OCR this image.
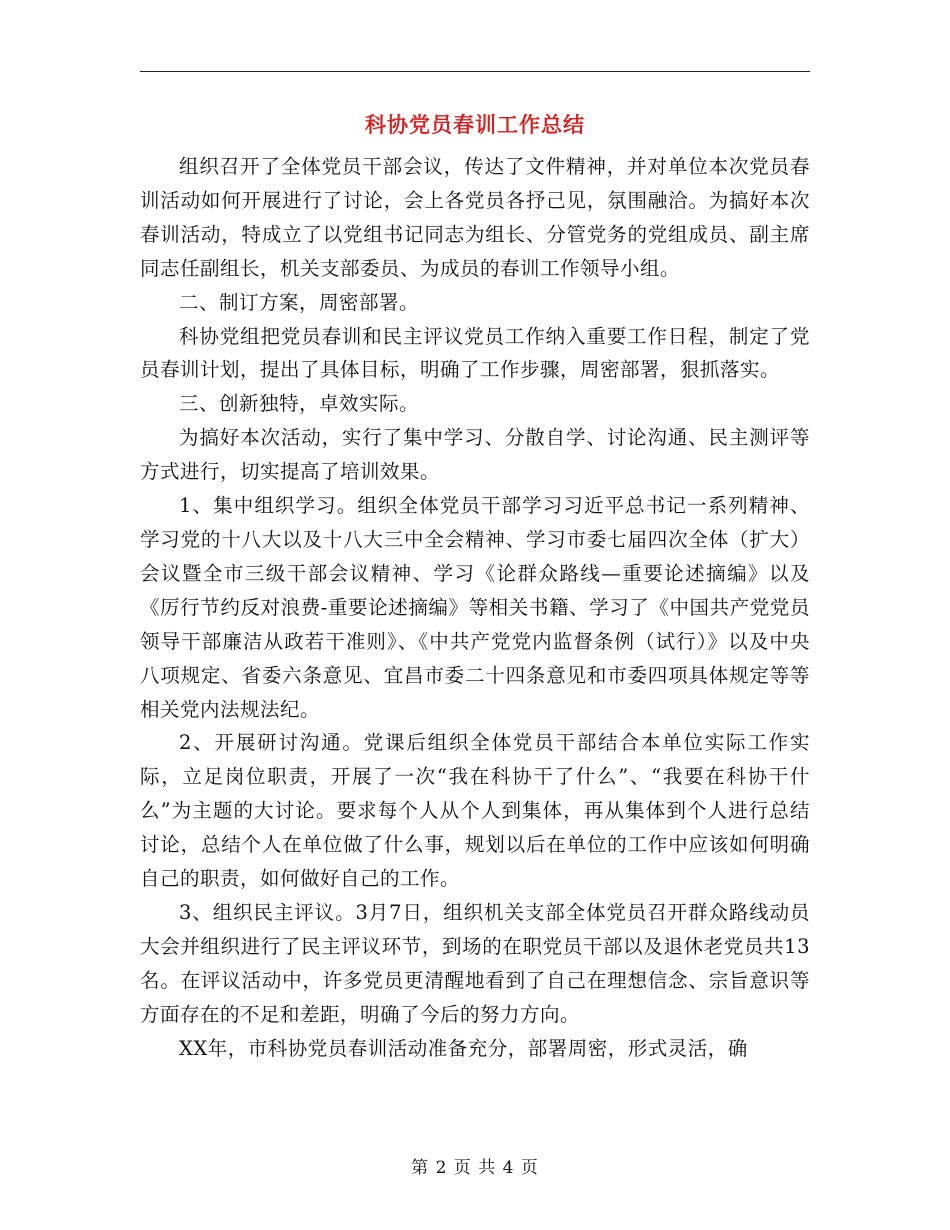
科协党员春训工作总结

组织召开了全体党员干部会议，传达了文件精神，并对单位本次党员春训活动如何开展进行了讨论，会上各党员各抒己见，氛围融洽。为搞好本次春训活动，特成立了以党组书记同志为组长、分管党务的党组成员、副主席同志任副组长，机关支部委员、为成员的春训工作领导小组。

二、制订方案，周密部署。

科协党组把党员春训和民主评议党员工作纳入重要工作日程，制定了党员春训计划，提出了具体目标，明确了工作步骤，周密部署，狠抓落实。

三、创新独特，卓效实际。

为搞好本次活动，实行了集中学习、分散自学、讨论沟通、民主测评等方式进行，切实提高了培训效果。

1、集中组织学习。组织全体党员干部学习习近平总书记一系列精神、学习党的十八大以及十八大三中全会精神、学习市委七届四次全体（扩大）会议暨全市三级干部会议精神、学习《论群众路线—重要论述摘编》以及《厉行节约反对浪费-重要论述摘编》等相关书籍、学习了《中国共产党党员领导干部廉洁从政若干准则》、《中共产党党内监督条例（试行）》以及中央八项规定、省委六条意见、宜昌市委二十四条意见和市委四项具体规定等等相关党内法规法纪。

2、开展研讨沟通。党课后组织全体党员干部结合本单位实际工作实际，立足岗位职责，开展了一次“我在科协干了什么”、“我要在科协干什么”为主题的大讨论。要求每个人从个人到集体，再从集体到个人进行总结讨论，总结个人在单位做了什么事，规划以后在单位的工作中应该如何明确自己的职责，如何做好自己的工作。

3、组织民主评议。3月7日，组织机关支部全体党员召开群众路线动员大会并组织进行了民主评议环节，到场的在职党员干部以及退休老党员共13名。在评议活动中，许多党员更清醒地看到了自己在理想信念、宗旨意识等方面存在的不足和差距，明确了今后的努力方向。

XX年，市科协党员春训活动准备充分，部署周密，形式灵活，确

第 2 页 共 4 页
